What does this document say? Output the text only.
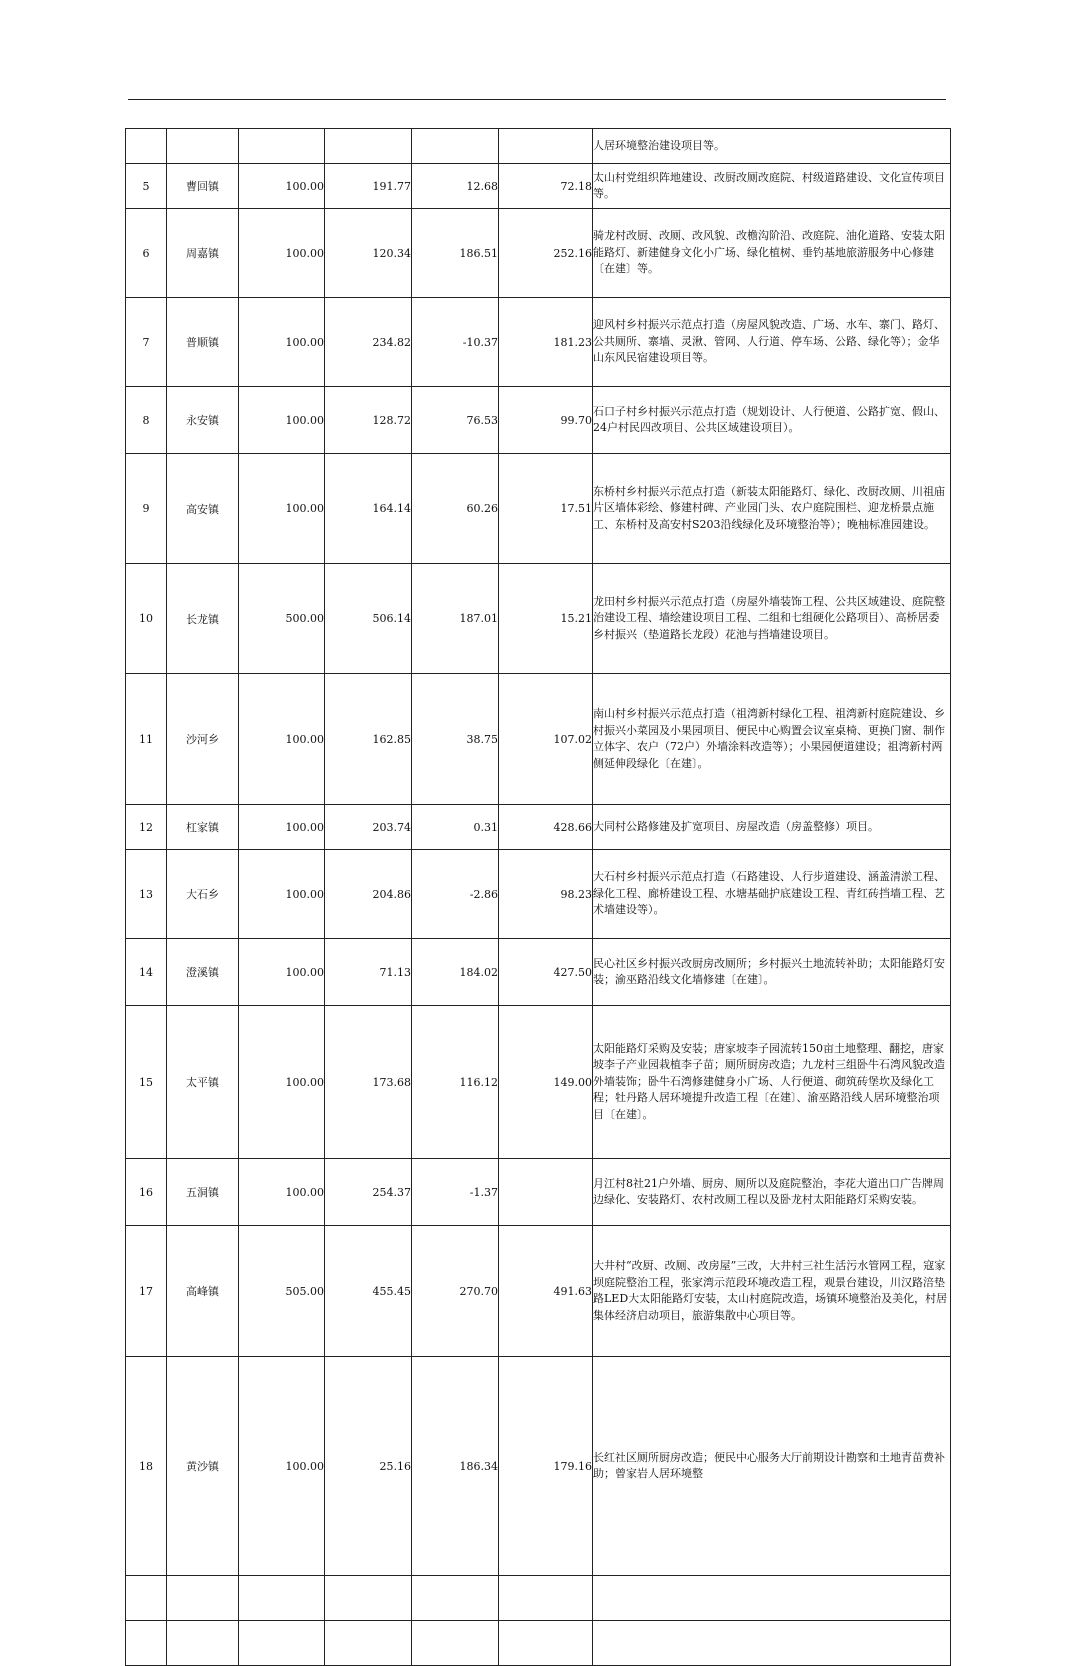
						人居环境整治建设项目等。
5	曹回镇	100.00	191.77	12.68	72.18	太山村党组织阵地建设、改厨改厕改庭院、村级道路建设、文化宣传项目等。
6	周嘉镇	100.00	120.34	186.51	252.16	骑龙村改厨、改厕、改风貌、改檐沟阶沿、改庭院、油化道路、安装太阳能路灯、新建健身文化小广场、绿化植树、垂钓基地旅游服务中心修建〔在建〕等。
7	普顺镇	100.00	234.82	-10.37	181.23	迎风村乡村振兴示范点打造（房屋风貌改造、广场、水车、寨门、路灯、公共厕所、寨墙、灵湫、管网、人行道、停车场、公路、绿化等）；金华山东风民宿建设项目等。
8	永安镇	100.00	128.72	76.53	99.70	石口子村乡村振兴示范点打造（规划设计、人行便道、公路扩宽、假山、24户村民四改项目、公共区域建设项目）。
9	高安镇	100.00	164.14	60.26	17.51	东桥村乡村振兴示范点打造（新装太阳能路灯、绿化、改厨改厕、川祖庙片区墙体彩绘、修建村碑、产业园门头、农户庭院围栏、迎龙桥景点施工、东桥村及高安村S203沿线绿化及环境整治等）；晚柚标准园建设。
10	长龙镇	500.00	506.14	187.01	15.21	龙田村乡村振兴示范点打造（房屋外墙装饰工程、公共区域建设、庭院整治建设工程、墙绘建设项目工程、二组和七组硬化公路项目）、高桥居委乡村振兴（垫道路长龙段）花池与挡墙建设项目。
11	沙河乡	100.00	162.85	38.75	107.02	南山村乡村振兴示范点打造（祖湾新村绿化工程、祖湾新村庭院建设、乡村振兴小菜园及小果园项目、便民中心购置会议室桌椅、更换门窗、制作立体字、农户（72户）外墙涂料改造等）；小果园便道建设；祖湾新村两侧延伸段绿化〔在建〕。
12	杠家镇	100.00	203.74	0.31	428.66	大同村公路修建及扩宽项目、房屋改造（房盖整修）项目。
13	大石乡	100.00	204.86	-2.86	98.23	大石村乡村振兴示范点打造（石路建设、人行步道建设、涵盖清淤工程、绿化工程、廊桥建设工程、水塘基础护底建设工程、青红砖挡墙工程、艺术墙建设等）。
14	澄溪镇	100.00	71.13	184.02	427.50	民心社区乡村振兴改厨房改厕所；乡村振兴土地流转补助；太阳能路灯安装；渝巫路沿线文化墙修建〔在建〕。
15	太平镇	100.00	173.68	116.12	149.00	太阳能路灯采购及安装；唐家坡李子园流转150亩土地整理、翻挖，唐家坡李子产业园栽植李子苗；厕所厨房改造；九龙村三组卧牛石湾风貌改造外墙装饰；卧牛石湾修建健身小广场、人行便道、砌筑砖堡坎及绿化工程；牡丹路人居环境提升改造工程〔在建〕、渝巫路沿线人居环境整治项目〔在建〕。
16	五洞镇	100.00	254.37	-1.37		月江村8社21户外墙、厨房、厕所以及庭院整治，李花大道出口广告牌周边绿化、安装路灯、农村改厕工程以及卧龙村太阳能路灯采购安装。
17	高峰镇	505.00	455.45	270.70	491.63	大井村“改厨、改厕、改房屋”三改，大井村三社生活污水管网工程，寇家坝庭院整治工程，张家湾示范段环境改造工程，观景台建设，川汉路涪垫路LED大太阳能路灯安装，太山村庭院改造，场镇环境整治及美化，村居集体经济启动项目，旅游集散中心项目等。
18	黄沙镇	100.00	25.16	186.34	179.16	长红社区厕所厨房改造；便民中心服务大厅前期设计勘察和土地青苗费补助；曾家岩人居环境整
